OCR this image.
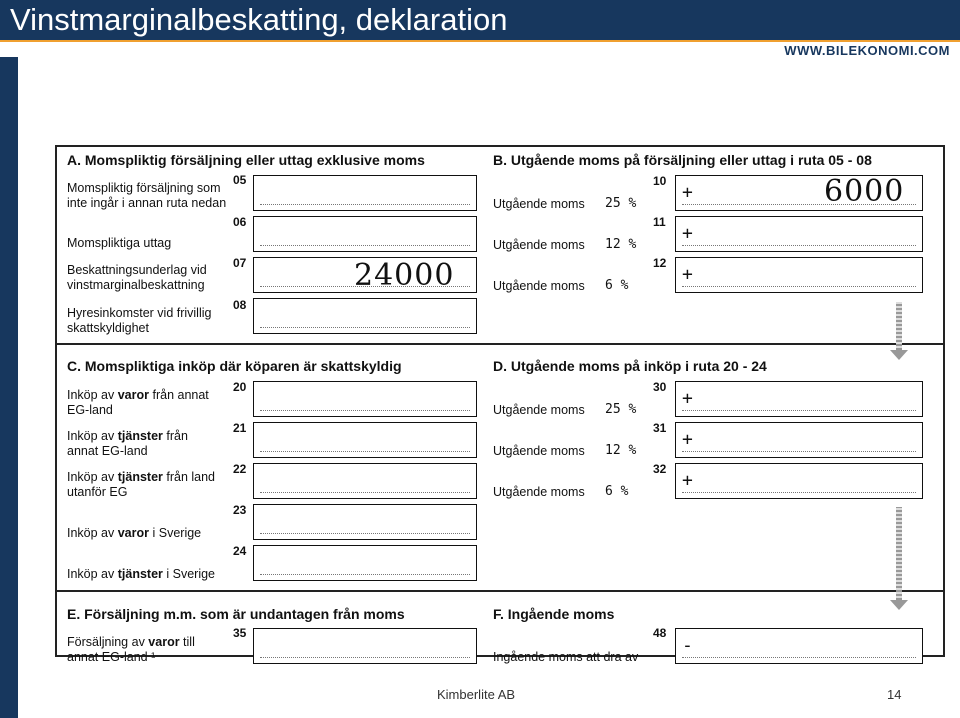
Vinstmarginalbeskatting, deklaration
WWW.BILEKONOMI.COM
A. Momspliktig försäljning eller uttag exklusive moms
Momspliktig försäljning som
inte ingår i annan ruta nedan
05
Momspliktiga uttag
06
Beskattningsunderlag vid
vinstmarginalbeskattning
07	24000
Hyresinkomster vid frivillig
skattskyldighet
08
B. Utgående moms på försäljning eller uttag i ruta 05 - 08
Utgående moms 25 %
10
+	6000
Utgående moms 12 %
11
+
Utgående moms 6 %
12
+
C. Momspliktiga inköp där köparen är skattskyldig
Inköp av varor från annat
EG-land
20
Inköp av tjänster från
annat EG-land
21
Inköp av tjänster från land
utanför EG
22
Inköp av varor i Sverige
23
Inköp av tjänster i Sverige
24
D. Utgående moms på inköp i ruta 20 - 24
Utgående moms 25 %
30
+
Utgående moms 12 %
31
+
Utgående moms 6 %
32
+
E. Försäljning m.m. som är undantagen från moms
Försäljning av varor till
annat EG-land ¹
35
F. Ingående moms
Ingående moms att dra av
48
-
Kimberlite AB	14
